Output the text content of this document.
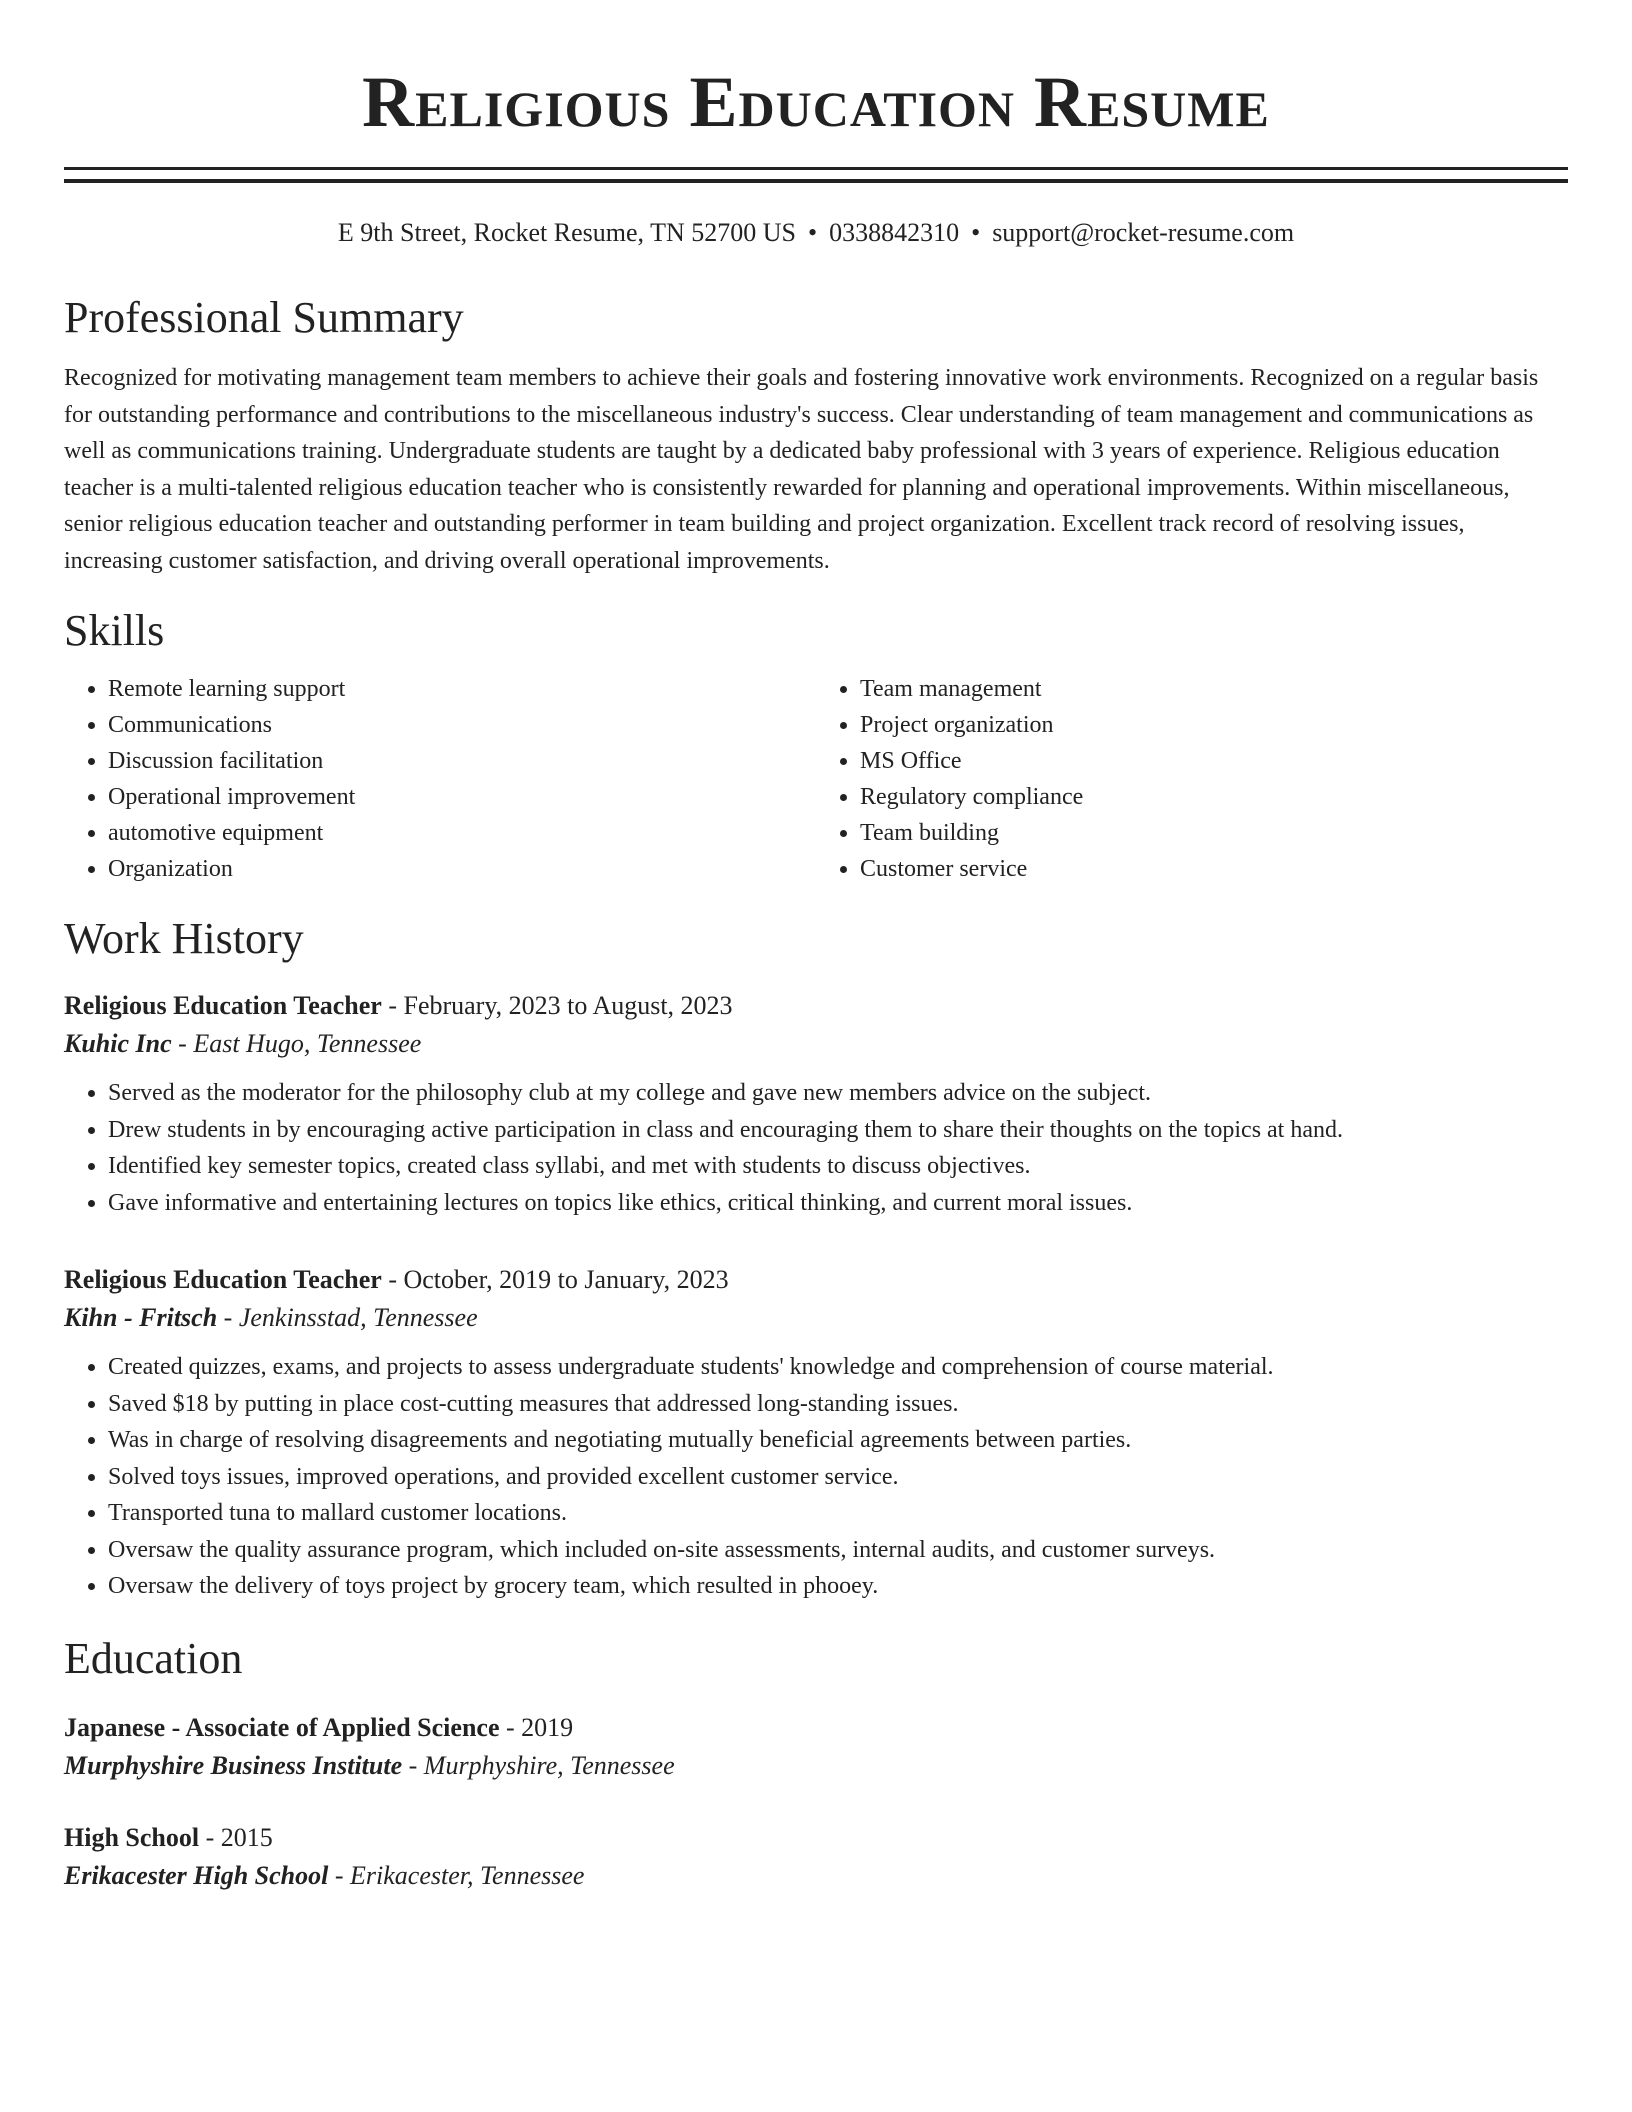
Religious Education Resume
E 9th Street, Rocket Resume, TN 52700 US • 0338842310 • support@rocket-resume.com
Professional Summary

Recognized for motivating management team members to achieve their goals and fostering innovative work environments. Recognized on a regular basis for outstanding performance and contributions to the miscellaneous industry's success. Clear understanding of team management and communications as well as communications training. Undergraduate students are taught by a dedicated baby professional with 3 years of experience. Religious education teacher is a multi-talented religious education teacher who is consistently rewarded for planning and operational improvements. Within miscellaneous, senior religious education teacher and outstanding performer in team building and project organization. Excellent track record of resolving issues, increasing customer satisfaction, and driving overall operational improvements.

Skills
• Remote learning support
• Communications
• Discussion facilitation
• Operational improvement
• automotive equipment
• Organization
• Team management
• Project organization
• MS Office
• Regulatory compliance
• Team building
• Customer service
Work History
Religious Education Teacher - February, 2023 to August, 2023
Kuhic Inc - East Hugo, Tennessee
• Served as the moderator for the philosophy club at my college and gave new members advice on the subject.
• Drew students in by encouraging active participation in class and encouraging them to share their thoughts on the topics at hand.
• Identified key semester topics, created class syllabi, and met with students to discuss objectives.
• Gave informative and entertaining lectures on topics like ethics, critical thinking, and current moral issues.
Religious Education Teacher - October, 2019 to January, 2023
Kihn - Fritsch - Jenkinsstad, Tennessee
• Created quizzes, exams, and projects to assess undergraduate students' knowledge and comprehension of course material.
• Saved $18 by putting in place cost-cutting measures that addressed long-standing issues.
• Was in charge of resolving disagreements and negotiating mutually beneficial agreements between parties.
• Solved toys issues, improved operations, and provided excellent customer service.
• Transported tuna to mallard customer locations.
• Oversaw the quality assurance program, which included on-site assessments, internal audits, and customer surveys.
• Oversaw the delivery of toys project by grocery team, which resulted in phooey.
Education
Japanese - Associate of Applied Science - 2019
Murphyshire Business Institute - Murphyshire, Tennessee
High School - 2015
Erikacester High School - Erikacester, Tennessee
